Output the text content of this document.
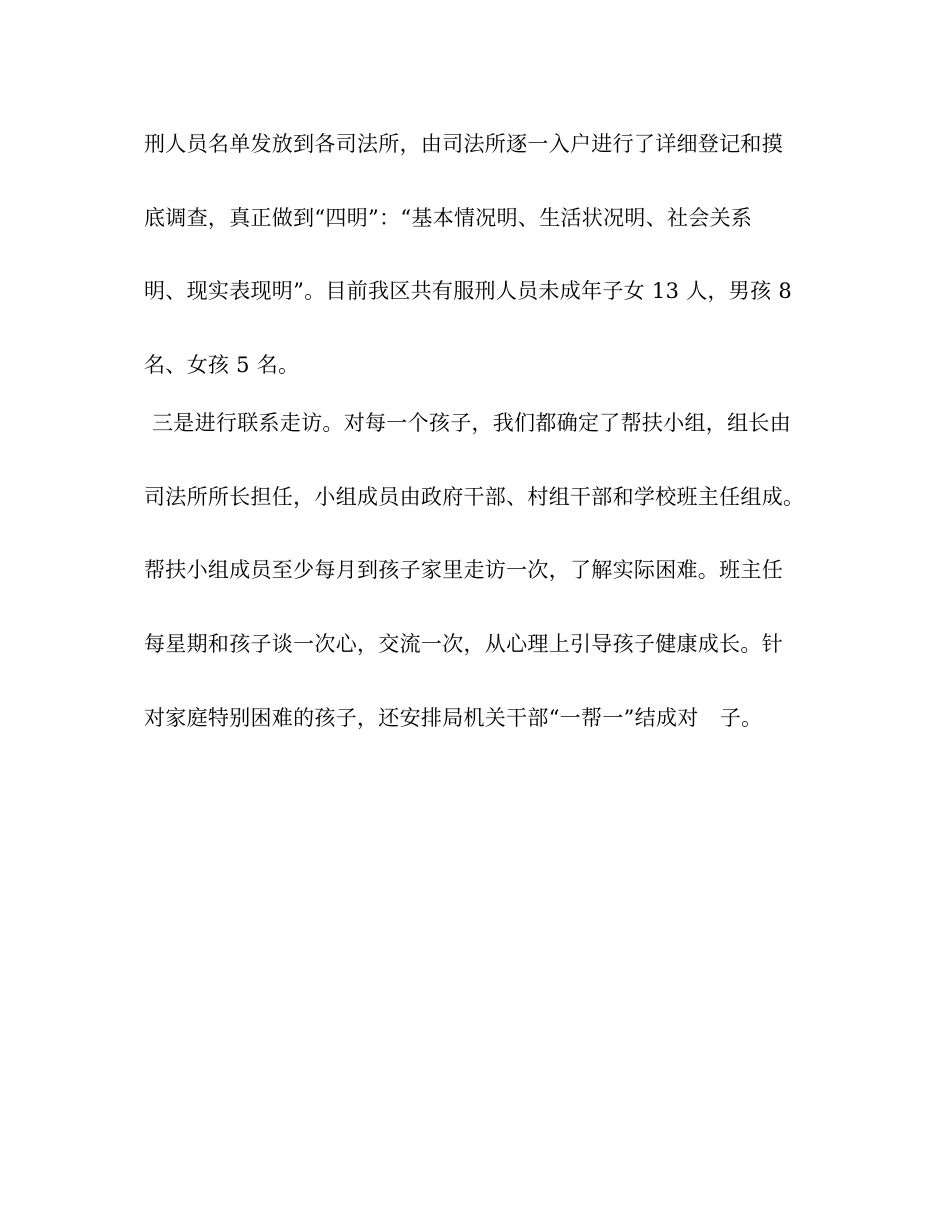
刑人员名单发放到各司法所，由司法所逐一入户进行了详细登记和摸
底调查，真正做到“四明”：“基本情况明、生活状况明、社会关系
明、现实表现明”。目前我区共有服刑人员未成年子女 13 人，男孩 8
名、女孩 5 名。
三是进行联系走访。对每一个孩子，我们都确定了帮扶小组，组长由
司法所所长担任，小组成员由政府干部、村组干部和学校班主任组成。
帮扶小组成员至少每月到孩子家里走访一次，了解实际困难。班主任
每星期和孩子谈一次心，交流一次，从心理上引导孩子健康成长。针
对家庭特别困难的孩子，还安排局机关干部“一帮一”结成对　子。
